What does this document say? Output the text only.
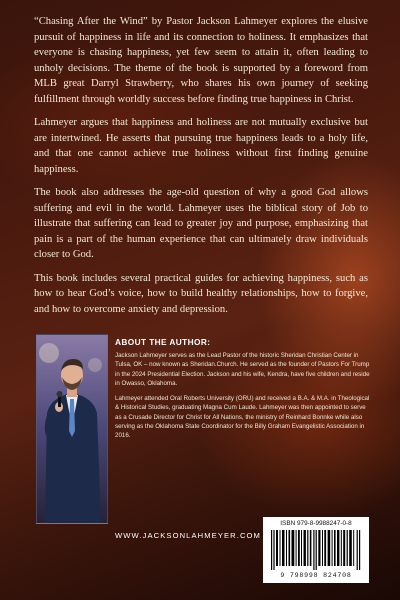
“Chasing After the Wind” by Pastor Jackson Lahmeyer explores the elusive pursuit of happiness in life and its connection to holiness. It emphasizes that everyone is chasing happiness, yet few seem to attain it, often leading to unholy decisions. The theme of the book is supported by a foreword from MLB great Darryl Strawberry, who shares his own journey of seeking fulfillment through worldly success before finding true happiness in Christ.

Lahmeyer argues that happiness and holiness are not mutually exclusive but are intertwined. He asserts that pursuing true happiness leads to a holy life, and that one cannot achieve true holiness without first finding genuine happiness.

The book also addresses the age-old question of why a good God allows suffering and evil in the world. Lahmeyer uses the biblical story of Job to illustrate that suffering can lead to greater joy and purpose, emphasizing that pain is a part of the human experience that can ultimately draw individuals closer to God.

This book includes several practical guides for achieving happiness, such as how to hear God’s voice, how to build healthy relationships, how to forgive, and how to overcome anxiety and depression.

ABOUT THE AUTHOR:

Jackson Lahmeyer serves as the Lead Pastor of the historic Sheridan Christian Center in Tulsa, OK – now known as Sheridan.Church. He served as the founder of Pastors For Trump in the 2024 Presidential Election. Jackson and his wife, Kendra, have five children and reside in Owasso, Oklahoma.

Lahmeyer attended Oral Roberts University (ORU) and received a B.A. & M.A. in Theological & Historical Studies, graduating Magna Cum Laude. Lahmeyer was then appointed to serve as a Crusade Director for Christ for All Nations, the ministry of Reinhard Bonnke while also serving as the Oklahoma State Coordinator for the Billy Graham Evangelistic Association in 2016.

WWW.JACKSONLAHMEYER.COM
ISBN 979-8-9988247-0-8
9 798998 824708
